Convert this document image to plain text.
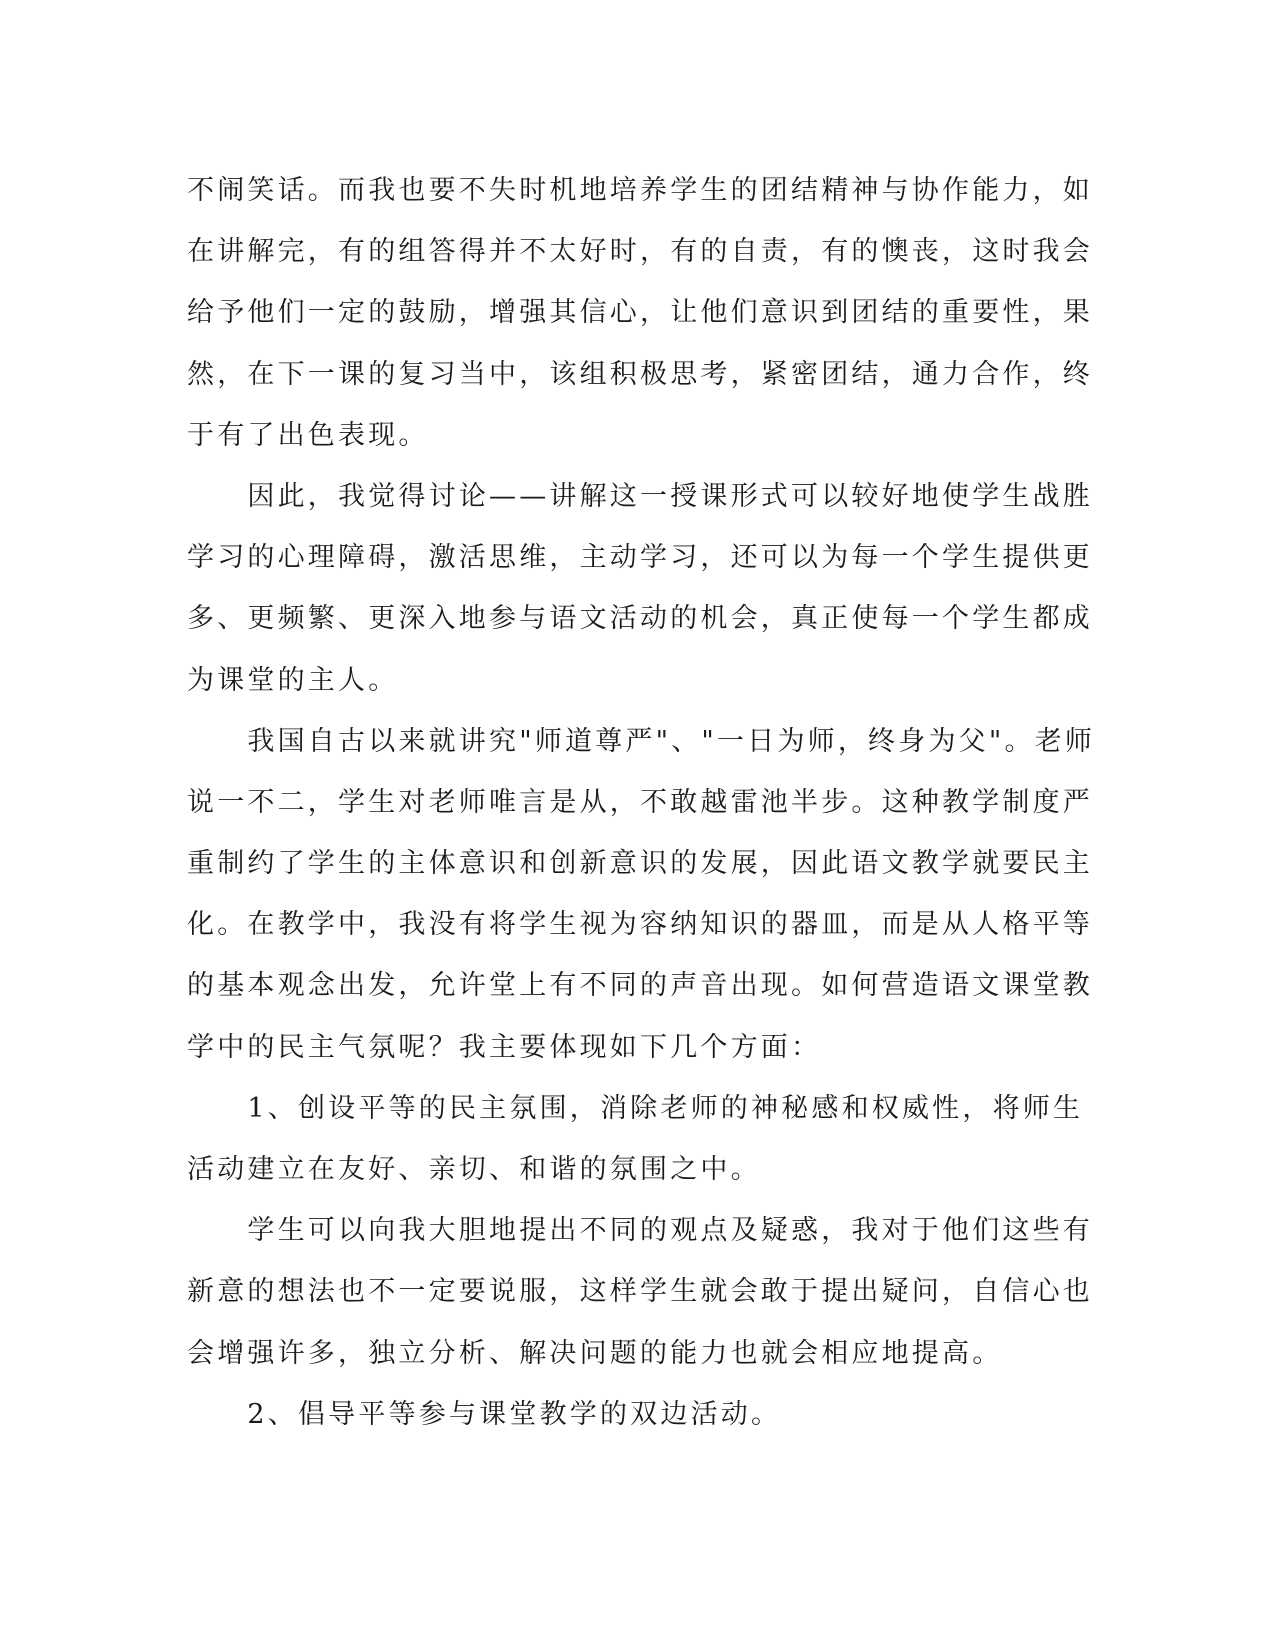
不闹笑话。而我也要不失时机地培养学生的团结精神与协作能力，如
在讲解完，有的组答得并不太好时，有的自责，有的懊丧，这时我会
给予他们一定的鼓励，增强其信心，让他们意识到团结的重要性，果
然，在下一课的复习当中，该组积极思考，紧密团结，通力合作，终
于有了出色表现。
　　因此，我觉得讨论——讲解这一授课形式可以较好地使学生战胜
学习的心理障碍，激活思维，主动学习，还可以为每一个学生提供更
多、更频繁、更深入地参与语文活动的机会，真正使每一个学生都成
为课堂的主人。
　　我国自古以来就讲究"师道尊严"、"一日为师，终身为父"。老师
说一不二，学生对老师唯言是从，不敢越雷池半步。这种教学制度严
重制约了学生的主体意识和创新意识的发展，因此语文教学就要民主
化。在教学中，我没有将学生视为容纳知识的器皿，而是从人格平等
的基本观念出发，允许堂上有不同的声音出现。如何营造语文课堂教
学中的民主气氛呢？我主要体现如下几个方面：
　　1、创设平等的民主氛围，消除老师的神秘感和权威性，将师生
活动建立在友好、亲切、和谐的氛围之中。
　　学生可以向我大胆地提出不同的观点及疑惑，我对于他们这些有
新意的想法也不一定要说服，这样学生就会敢于提出疑问，自信心也
会增强许多，独立分析、解决问题的能力也就会相应地提高。
　　2、倡导平等参与课堂教学的双边活动。
